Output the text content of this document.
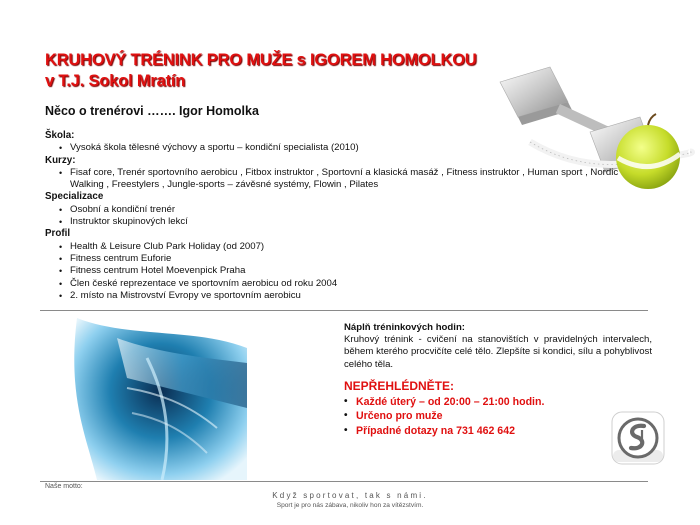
KRUHOVÝ TRÉNINK PRO MUŽE s IGOREM HOMOLKOU
v T.J. Sokol Mratín
Něco o trenérovi ……. Igor Homolka
Škola:
• Vysoká škola tělesné výchovy a sportu – kondiční specialista (2010)
Kurzy:
• Fisaf core, Trenér sportovního aerobicu , Fitbox instruktor , Sportovní a klasická masáž , Fitness instruktor , Human sport , Nordic Walking , Freestylers , Jungle-sports – závěsné systémy, Flowin , Pilates
Specializace
• Osobní a kondiční trenér
• Instruktor skupinových lekcí
Profil
• Health & Leisure Club Park Holiday (od 2007)
• Fitness centrum Euforie
• Fitness centrum Hotel Moevenpick Praha
• Člen české reprezentace ve sportovním aerobicu od roku 2004
• 2. místo na Mistrovství Evropy ve sportovním aerobicu
Náplň tréninkových hodin:
Kruhový trénink - cvičení na stanovištích v pravidelných intervalech, během kterého procvičíte celé tělo. Zlepšíte si kondici, sílu a pohyblivost celého těla.
NEPŘEHLÉDNĚTE:
• Každé úterý – od 20:00 – 21:00 hodin.
• Určeno pro muže
• Případné dotazy na 731 462 642
Naše motto:
Když sportovat, tak s námi.
Sport je pro nás zábava, nikoliv hon za vítězstvím.
